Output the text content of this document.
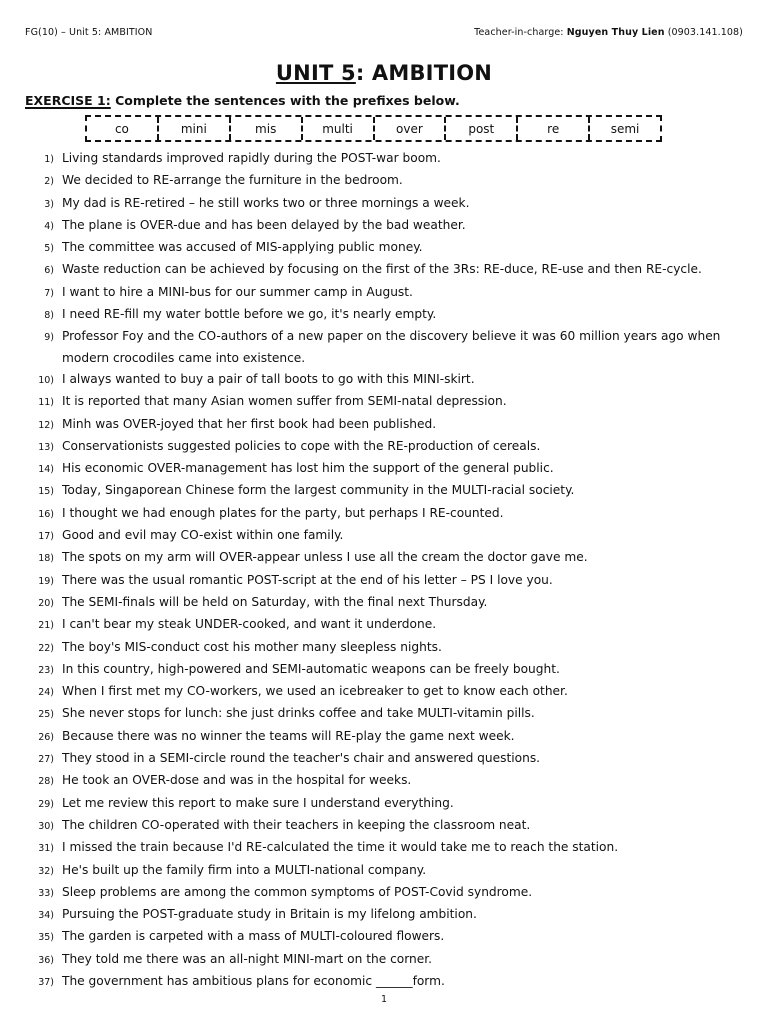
FG(10) – Unit 5: AMBITION	Teacher-in-charge: Nguyen Thuy Lien (0903.141.108)
UNIT 5: AMBITION
EXERCISE 1: Complete the sentences with the prefixes below.
co	mini	mis	multi	over	post	re	semi
1) Living standards improved rapidly during the POST-war boom.
2) We decided to RE-arrange the furniture in the bedroom.
3) My dad is RE-retired – he still works two or three mornings a week.
4) The plane is OVER-due and has been delayed by the bad weather.
5) The committee was accused of MIS-applying public money.
6) Waste reduction can be achieved by focusing on the first of the 3Rs: RE-duce, RE-use and then RE-cycle.
7) I want to hire a MINI-bus for our summer camp in August.
8) I need RE-fill my water bottle before we go, it's nearly empty.
9) Professor Foy and the CO-authors of a new paper on the discovery believe it was 60 million years ago when modern crocodiles came into existence.
10) I always wanted to buy a pair of tall boots to go with this MINI-skirt.
11) It is reported that many Asian women suffer from SEMI-natal depression.
12) Minh was OVER-joyed that her first book had been published.
13) Conservationists suggested policies to cope with the RE-production of cereals.
14) His economic OVER-management has lost him the support of the general public.
15) Today, Singaporean Chinese form the largest community in the MULTI-racial society.
16) I thought we had enough plates for the party, but perhaps I RE-counted.
17) Good and evil may CO-exist within one family.
18) The spots on my arm will OVER-appear unless I use all the cream the doctor gave me.
19) There was the usual romantic POST-script at the end of his letter – PS I love you.
20) The SEMI-finals will be held on Saturday, with the final next Thursday.
21) I can't bear my steak UNDER-cooked, and want it underdone.
22) The boy's MIS-conduct cost his mother many sleepless nights.
23) In this country, high-powered and SEMI-automatic weapons can be freely bought.
24) When I first met my CO-workers, we used an icebreaker to get to know each other.
25) She never stops for lunch: she just drinks coffee and take MULTI-vitamin pills.
26) Because there was no winner the teams will RE-play the game next week.
27) They stood in a SEMI-circle round the teacher's chair and answered questions.
28) He took an OVER-dose and was in the hospital for weeks.
29) Let me review this report to make sure I understand everything.
30) The children CO-operated with their teachers in keeping the classroom neat.
31) I missed the train because I'd RE-calculated the time it would take me to reach the station.
32) He's built up the family firm into a MULTI-national company.
33) Sleep problems are among the common symptoms of POST-Covid syndrome.
34) Pursuing the POST-graduate study in Britain is my lifelong ambition.
35) The garden is carpeted with a mass of MULTI-coloured flowers.
36) They told me there was an all-night MINI-mart on the corner.
37) The government has ambitious plans for economic ______form.
1
